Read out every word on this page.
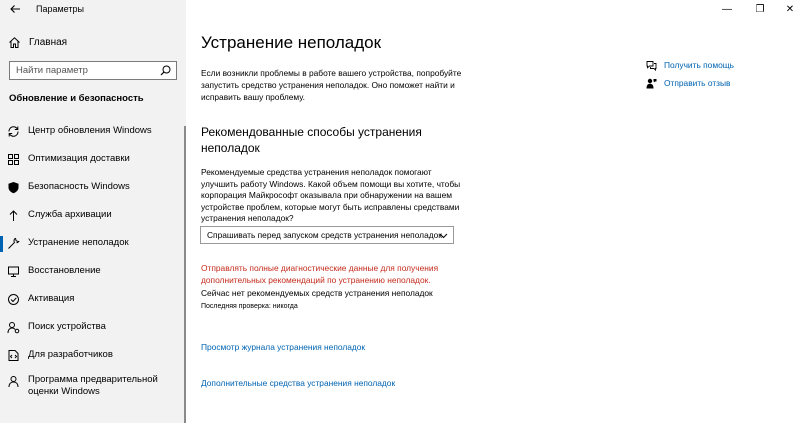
Параметры
Главная
Найти параметр
Обновление и безопасность
Центр обновления Windows
Оптимизация доставки
Безопасность Windows
Служба архивации
Устранение неполадок
Восстановление
Активация
Поиск устройства
Для разработчиков
Программа предварительной оценки Windows
— ❐ ✕
Устранение неполадок
Если возникли проблемы в работе вашего устройства, попробуйте запустить средство устранения неполадок. Оно поможет найти и исправить вашу проблему.
Рекомендованные способы устранения неполадок
Рекомендуемые средства устранения неполадок помогают улучшить работу Windows. Какой объем помощи вы хотите, чтобы корпорация Майкрософт оказывала при обнаружении на вашем устройстве проблем, которые могут быть исправлены средствами устранения неполадок?
Спрашивать перед запуском средств устранения неполадок
Отправлять полные диагностические данные для получения дополнительных рекомендаций по устранению неполадок.
Сейчас нет рекомендуемых средств устранения неполадок
Последняя проверка: никогда
Просмотр журнала устранения неполадок
Дополнительные средства устранения неполадок
Получить помощь
Отправить отзыв
